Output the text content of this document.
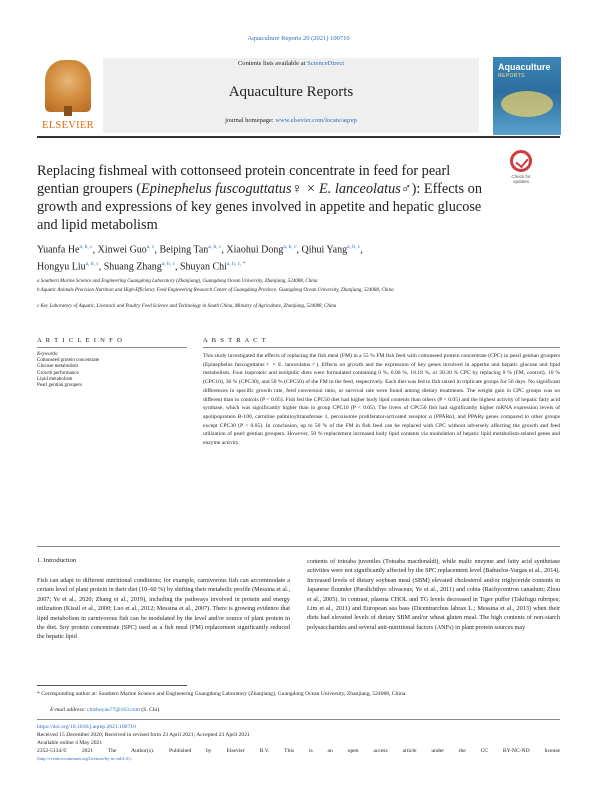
Aquaculture Reports 20 (2021) 100710
ELSEVIER
Contents lists available at ScienceDirect
Aquaculture Reports
journal homepage: www.elsevier.com/locate/aqrep
Aquaculture
REPORTS
Replacing fishmeal with cottonseed protein concentrate in feed for pearl gentian groupers (Epinephelus fuscoguttatus♀ × E. lanceolatus♂): Effects on growth and expressions of key genes involved in appetite and hepatic glucose and lipid metabolism
Check for updates
Yuanfa He$^{a, b, c}$, Xinwei Guo$^{a, c}$, Beiping Tan$^{a, b, c}$, Xiaohui Dong$^{a, b, c}$, Qihui Yang$^{a, b, c}$,
Hongyu Liu$^{a, b, c}$, Shuang Zhang$^{a, b, c}$, Shuyan Chi$^{a, b, c, *}$
a Southern Marine Science and Engineering Guangdong Laboratory (Zhanjiang), Guangdong Ocean University, Zhanjiang, 524088, China
b Aquatic Animals Precision Nutrition and High-Efficiency Feed Engineering Research Center of Guangdong Province, Guangdong Ocean University, Zhanjiang, 524088, China
c Key Laboratory of Aquatic, Livestock and Poultry Feed Science and Technology in South China, Ministry of Agriculture, Zhanjiang, 524088, China
A R T I C L E I N F O	A B S T R A C T
Keywords:
Cottonseed protein concentrate
Glucose metabolism
Growth performance
Lipid metabolism
Pearl gentian groupers
This study investigated the effects of replacing the fish meal (FM) in a 55 % FM fish feed with cottonseed protein concentrate (CPC) in pearl gentian groupers (Epinephelus fuscoguttatus♀ × E. lanceolatus♂). Effects on growth and the expression of key genes involved in appetite and hepatic glucose and lipid metabolism. Four isoproteic and isolipidic diets were formulated containing 0 %, 6.06 %, 18.18 %, or 30.30 % CPC by replacing 0 % (FM, control), 10 % (CPC10), 30 % (CPC30), and 50 % (CPC50) of the FM in the feed, respectively. Each diet was fed to fish raised in triplicate groups for 56 days. No significant differences in specific growth rate, feed conversion ratio, or survival rate were found among dietary treatments. The weight gain in CPC groups was no different than in controls (P < 0.05). Fish fed the CPC50 diet had higher body lipid contents than others (P < 0.05) and the highest activity of hepatic fatty acid synthase, which was significantly higher than in group CPC10 (P < 0.05). The livers of CPC50 fish had significantly higher mRNA expression levels of apolipoprotein B-100, carnitine palmitoyltransferase 1, peroxisome proliferator-activated receptor α (PPARα), and PPARγ genes compared to other groups except CPC30 (P < 0.05). In conclusion, up to 50 % of the FM in fish feed can be replaced with CPC without adversely affecting the growth and feed utilization of pearl gentian groupers. However, 50 % replacement increased body lipid contents via modulation of hepatic lipid metabolism-related genes and enzyme activity.
1. Introduction
Fish can adapt to different nutritional conditions; for example, carnivorous fish can accommodate a certain level of plant protein in their diet (10–60 %) by shifting their metabolic profile (Messina et al., 2007; Ye et al., 2020; Zhang et al., 2019), including the pathways involved in protein and energy utilization (Kissil et al., 2000; Luo et al., 2012; Messina et al., 2007). There is growing evidence that lipid metabolism in carnivorous fish can be modulated by the level and/or source of plant protein in the diet. Soy protein concentrate (SPC) used as a fish meal (FM) replacement significantly reduced the hepatic lipid
contents of totoaba juveniles (Totoaba macdonaldi), while malic enzyme and fatty acid synthetase activities were not significantly affected by the SPC replacement level (Bañuelos-Vargas et al., 2014). Increased levels of dietary soybean meal (SBM) elevated cholesterol and/or triglyceride contents in Japanese flounder (Paralichthys olivaceus; Ye et al., 2011) and cobia (Rachycentron canadum; Zhou et al., 2005). In contrast, plasma CHOL and TG levels decreased in Tiger puffer (Takifugu rubripes; Lim et al., 2011) and European sea bass (Dicentrarchus labrax L.; Messina et al., 2013) when their diets had elevated levels of dietary SBM and/or wheat gluten meal. The high contents of non-starch polysaccharides and several anti-nutritional factors (ANFs) in plant protein sources may
* Corresponding author at: Southern Marine Science and Engineering Guangdong Laboratory (Zhanjiang), Guangdong Ocean University, Zhanjiang, 524088, China.
E-mail address: chishuyan77@163.com (S. Chi).
https://doi.org/10.1016/j.aqrep.2021.100710
Received 15 December 2020; Received in revised form 23 April 2021; Accepted 23 April 2021
Available online 4 May 2021
2352-5134/© 2021 The Author(s). Published by Elsevier B.V. This is an open access article under the CC BY-NC-ND license
(http://creativecommons.org/licenses/by-nc-nd/4.0/).
